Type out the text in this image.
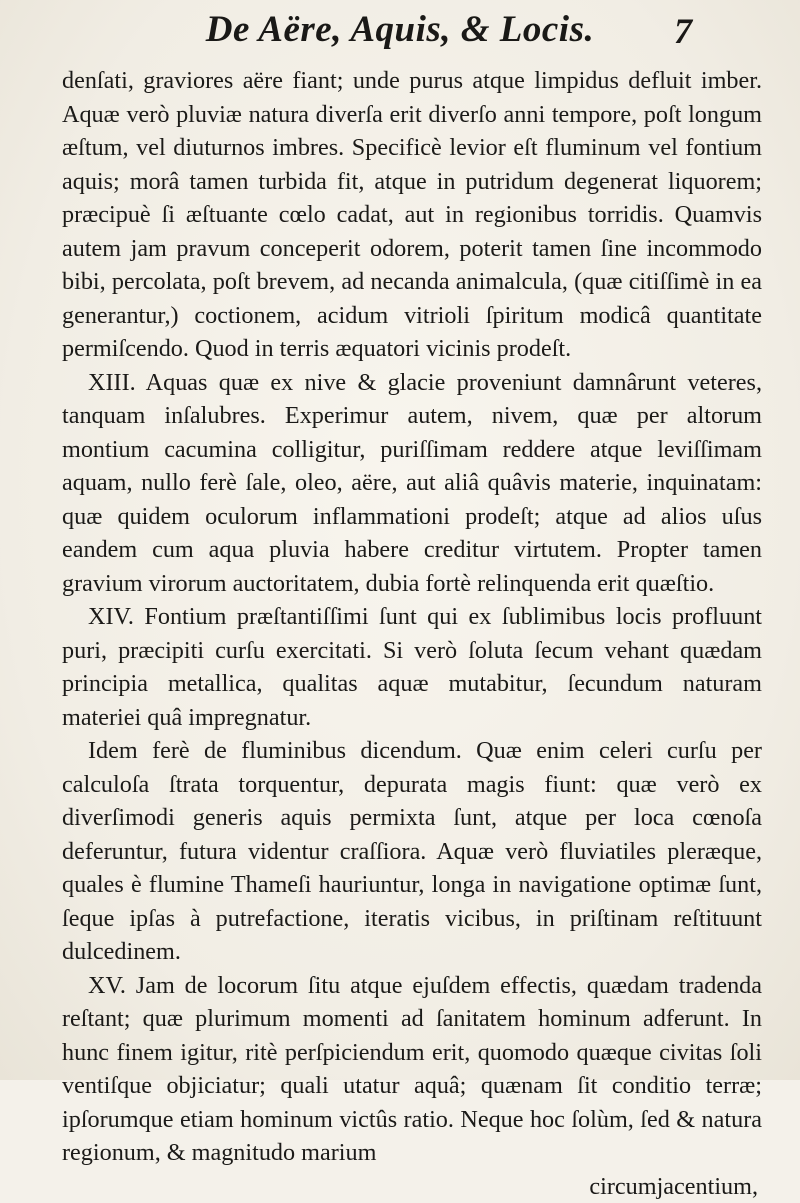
De Aëre, Aquis, & Locis.	7

denſati, graviores aëre fiant; unde purus atque limpidus defluit imber. Aquæ verò pluviæ natura diverſa erit diverſo anni tempore, poſt longum æſtum, vel diuturnos imbres. Specificè levior eſt fluminum vel fontium aquis; morâ tamen turbida fit, atque in putridum degenerat liquorem; præcipuè ſi æſtuante cœlo cadat, aut in regionibus torridis. Quamvis autem jam pravum conceperit odorem, poterit tamen ſine incommodo bibi, percolata, poſt brevem, ad necanda animalcula, (quæ citiſſimè in ea generantur,) coctionem, acidum vitrioli ſpiritum modicâ quantitate permiſcendo. Quod in terris æquatori vicinis prodeſt.

XIII. Aquas quæ ex nive & glacie proveniunt damnârunt veteres, tanquam inſalubres. Experimur autem, nivem, quæ per altorum montium cacumina colligitur, puriſſimam reddere atque leviſſimam aquam, nullo ferè ſale, oleo, aëre, aut aliâ quâvis materie, inquinatam: quæ quidem oculorum inflammationi prodeſt; atque ad alios uſus eandem cum aqua pluvia habere creditur virtutem. Propter tamen gravium virorum auctoritatem, dubia fortè relinquenda erit quæſtio.

XIV. Fontium præſtantiſſimi ſunt qui ex ſublimibus locis profluunt puri, præcipiti curſu exercitati. Si verò ſoluta ſecum vehant quædam principia metallica, qualitas aquæ mutabitur, ſecundum naturam materiei quâ impregnatur.

Idem ferè de fluminibus dicendum. Quæ enim celeri curſu per calculoſa ſtrata torquentur, depurata magis fiunt: quæ verò ex diverſimodi generis aquis permixta ſunt, atque per loca cœnoſa deferuntur, futura videntur craſſiora. Aquæ verò fluviatiles pleræque, quales è flumine Thameſi hauriuntur, longa in navigatione optimæ ſunt, ſeque ipſas à putrefactione, iteratis vicibus, in priſtinam reſtituunt dulcedinem.

XV. Jam de locorum ſitu atque ejuſdem effectis, quædam tradenda reſtant; quæ plurimum momenti ad ſanitatem hominum adferunt. In hunc finem igitur, ritè perſpiciendum erit, quomodo quæque civitas ſoli ventiſque objiciatur; quali utatur aquâ; quænam ſit conditio terræ; ipſorumque etiam hominum victûs ratio. Neque hoc ſolùm, ſed & natura regionum, & magnitudo marium

circumjacentium,
